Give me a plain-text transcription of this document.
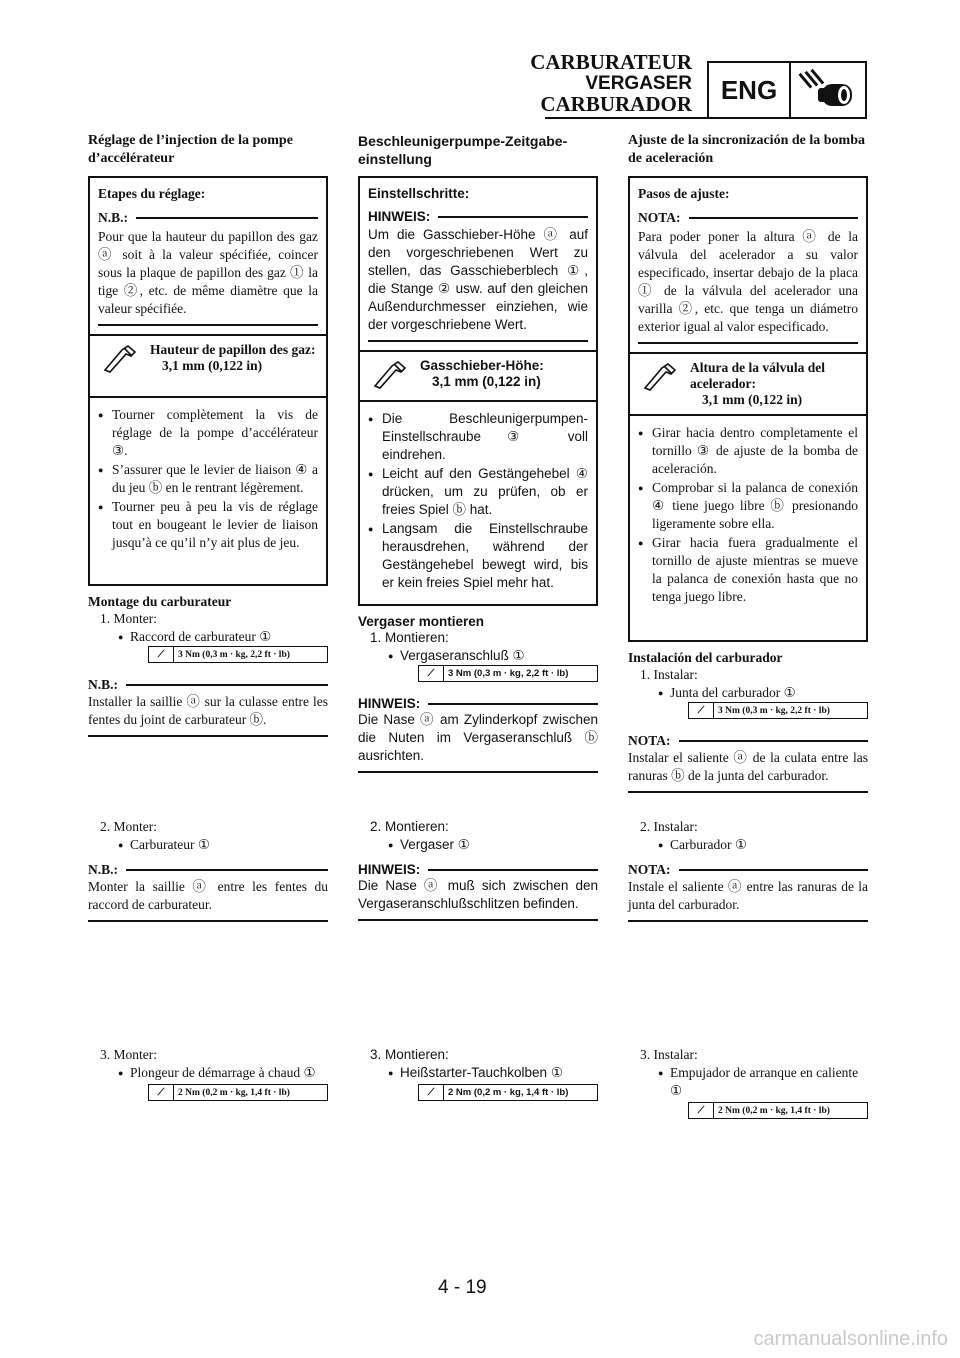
CARBURATEUR
VERGASER
CARBURADOR	ENG
Réglage de l’injection de la pompe d’accélérateur
Etapes du réglage:
N.B.:
Pour que la hauteur du papillon des gaz ⓐ soit à la valeur spécifiée, coincer sous la plaque de papillon des gaz ① la tige ②, etc. de même diamètre que la valeur spécifiée.
Hauteur de papillon des gaz:
3,1 mm (0,122 in)
● Tourner complètement la vis de réglage de la pompe d’accélérateur ③.
● S’assurer que le levier de liaison ④ a du jeu ⓑ en le rentrant légèrement.
● Tourner peu à peu la vis de réglage tout en bougeant le levier de liaison jusqu’à ce qu’il n’y ait plus de jeu.
Montage du carburateur
1. Monter:
● Raccord de carburateur ①
⟋	3 Nm (0,3 m · kg, 2,2 ft · lb)
N.B.:
Installer la saillie ⓐ sur la culasse entre les fentes du joint de carburateur ⓑ.
2. Monter:
● Carburateur ①
N.B.:
Monter la saillie ⓐ entre les fentes du raccord de carburateur.
3. Monter:
● Plongeur de démarrage à chaud ①
⟋	2 Nm (0,2 m · kg, 1,4 ft · lb)
Beschleunigerpumpe-Zeitgabe-einstellung
Einstellschritte:
HINWEIS:
Um die Gasschieber-Höhe ⓐ auf den vorgeschriebenen Wert zu stellen, das Gasschieberblech ①, die Stange ② usw. auf den gleichen Außendurchmesser einziehen, wie der vorgeschriebene Wert.
Gasschieber-Höhe:
3,1 mm (0,122 in)
● Die Beschleunigerpumpen-Einstellschraube ③ voll eindrehen.
● Leicht auf den Gestängehebel ④ drücken, um zu prüfen, ob er freies Spiel ⓑ hat.
● Langsam die Einstellschraube herausdrehen, während der Gestängehebel bewegt wird, bis er kein freies Spiel mehr hat.
Vergaser montieren
1. Montieren:
● Vergaseranschluß ①
⟋	3 Nm (0,3 m · kg, 2,2 ft · lb)
HINWEIS:
Die Nase ⓐ am Zylinderkopf zwischen die Nuten im Vergaseranschluß ⓑ ausrichten.
2. Montieren:
● Vergaser ①
HINWEIS:
Die Nase ⓐ muß sich zwischen den Vergaseranschlußschlitzen befinden.
3. Montieren:
● Heißstarter-Tauchkolben ①
⟋	2 Nm (0,2 m · kg, 1,4 ft · lb)
Ajuste de la sincronización de la bomba de aceleración
Pasos de ajuste:
NOTA:
Para poder poner la altura ⓐ de la válvula del acelerador a su valor especificado, insertar debajo de la placa ① de la válvula del acelerador una varilla ②, etc. que tenga un diámetro exterior igual al valor especificado.
Altura de la válvula del acelerador:
3,1 mm (0,122 in)
● Girar hacia dentro completamente el tornillo ③ de ajuste de la bomba de aceleración.
● Comprobar si la palanca de conexión ④ tiene juego libre ⓑ presionando ligeramente sobre ella.
● Girar hacia fuera gradualmente el tornillo de ajuste mientras se mueve la palanca de conexión hasta que no tenga juego libre.
Instalación del carburador
1. Instalar:
● Junta del carburador ①
⟋	3 Nm (0,3 m · kg, 2,2 ft · lb)
NOTA:
Instalar el saliente ⓐ de la culata entre las ranuras ⓑ de la junta del carburador.
2. Instalar:
● Carburador ①
NOTA:
Instale el saliente ⓐ entre las ranuras de la junta del carburador.
3. Instalar:
● Empujador de arranque en caliente ①
⟋	2 Nm (0,2 m · kg, 1,4 ft · lb)
4 - 19
carmanualsonline.info
